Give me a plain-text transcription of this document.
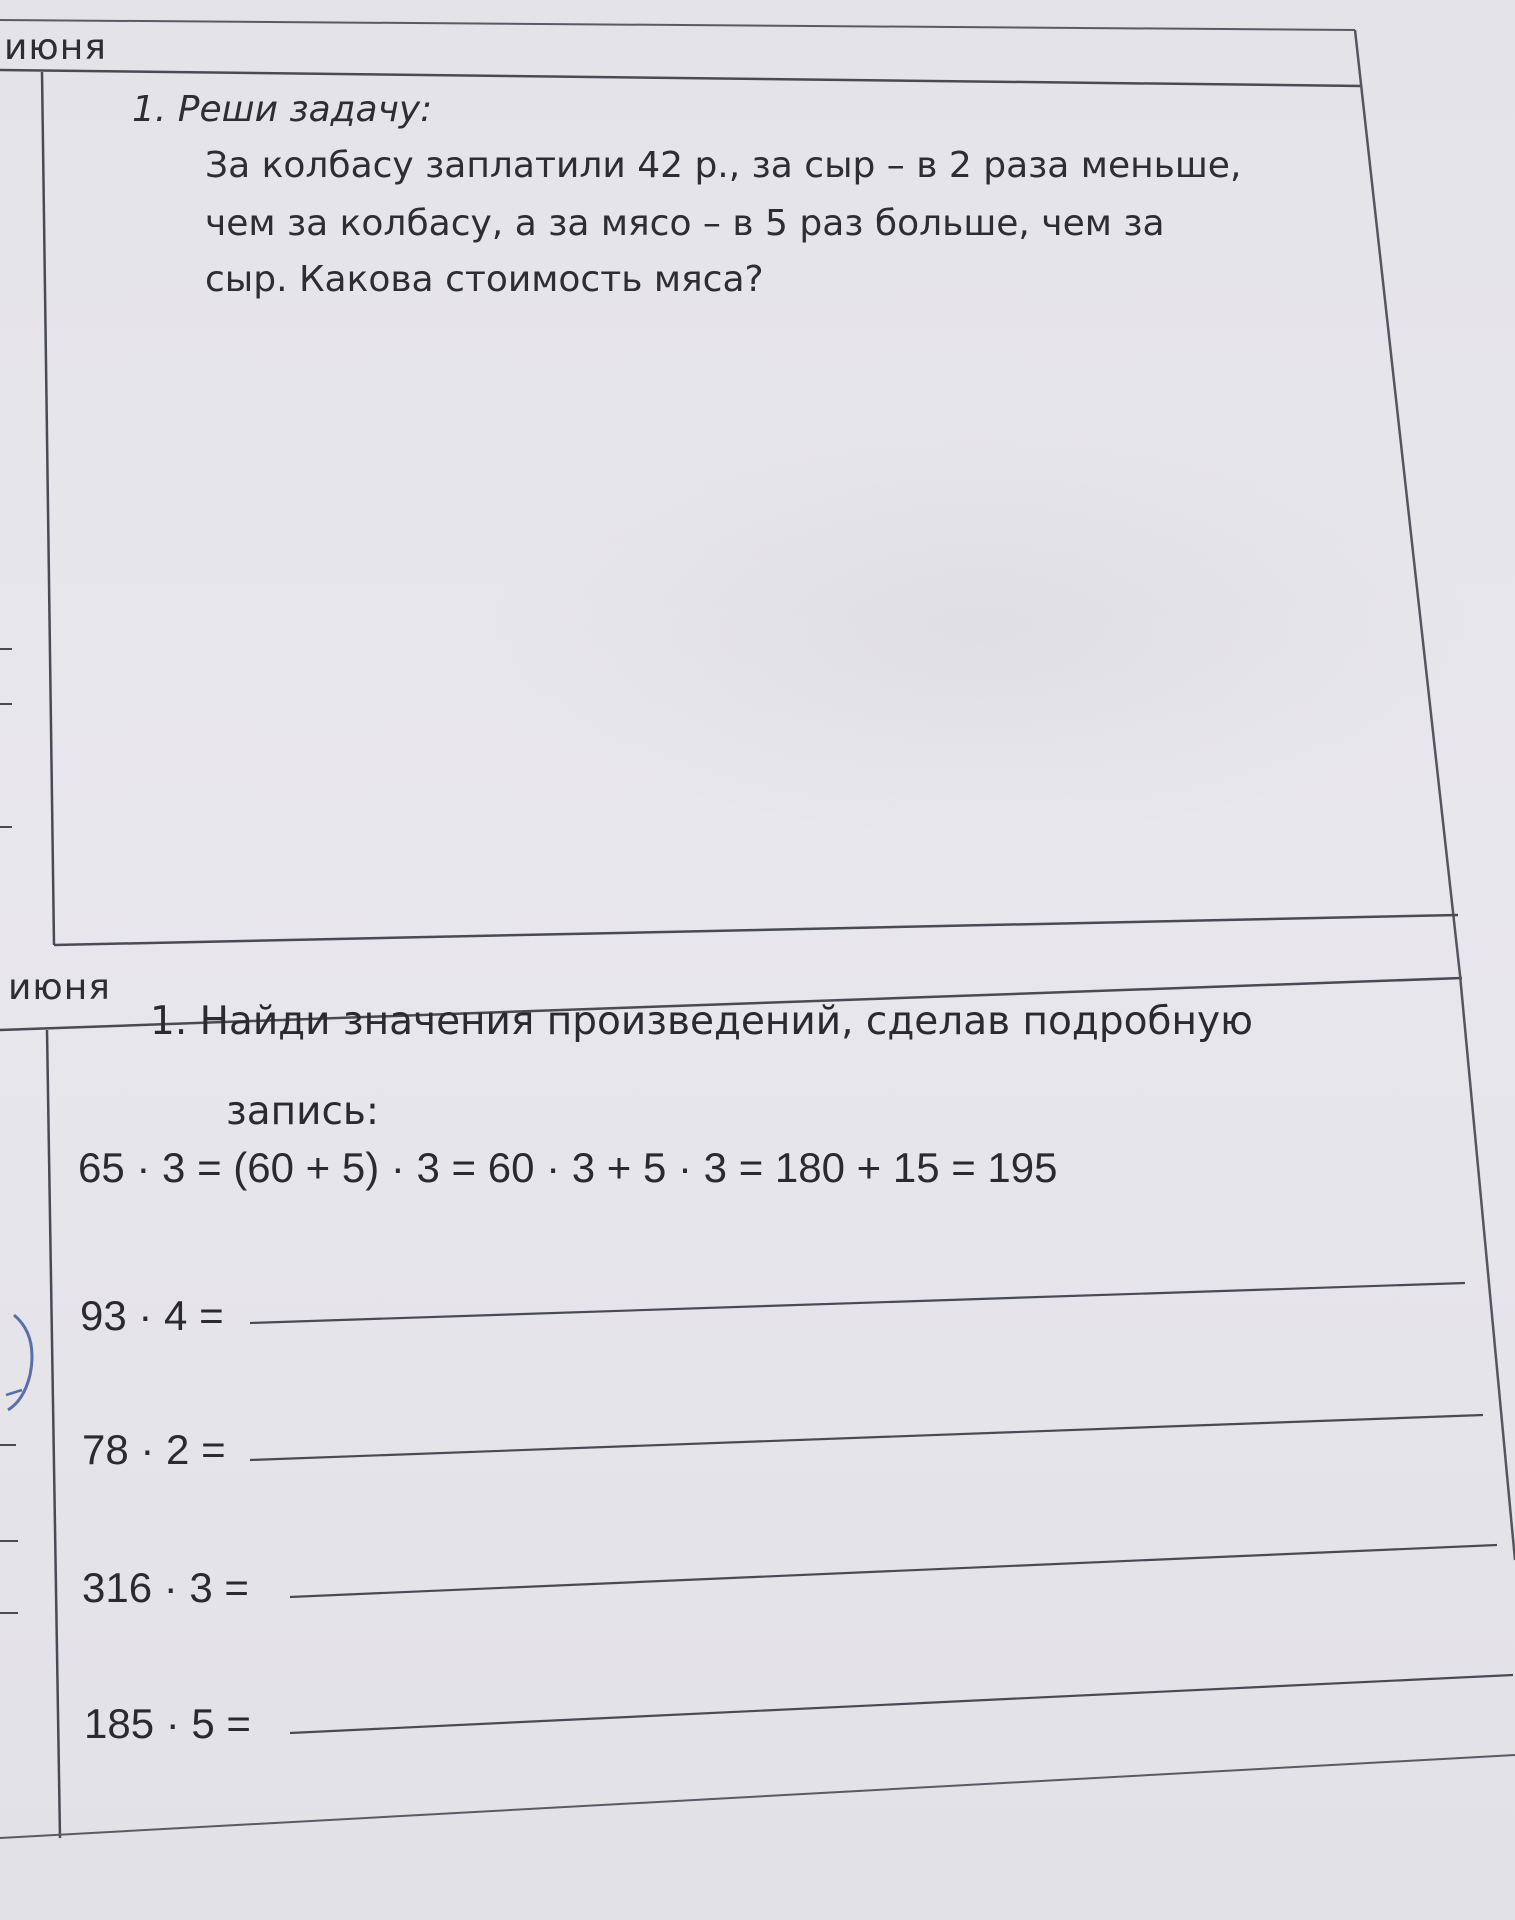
июня

1. Реши задачу:

За колбасу заплатили 42 р., за сыр – в 2 раза меньше,

чем за колбасу, а за мясо – в 5 раз больше, чем за

сыр. Какова стоимость мяса?

июня

1. Найди значения произведений, сделав подробную

запись:

65 · 3 = (60 + 5) · 3 = 60 · 3 + 5 · 3 = 180 + 15 = 195

93 · 4 =

78 · 2 =

316 · 3 =

185 · 5 =
